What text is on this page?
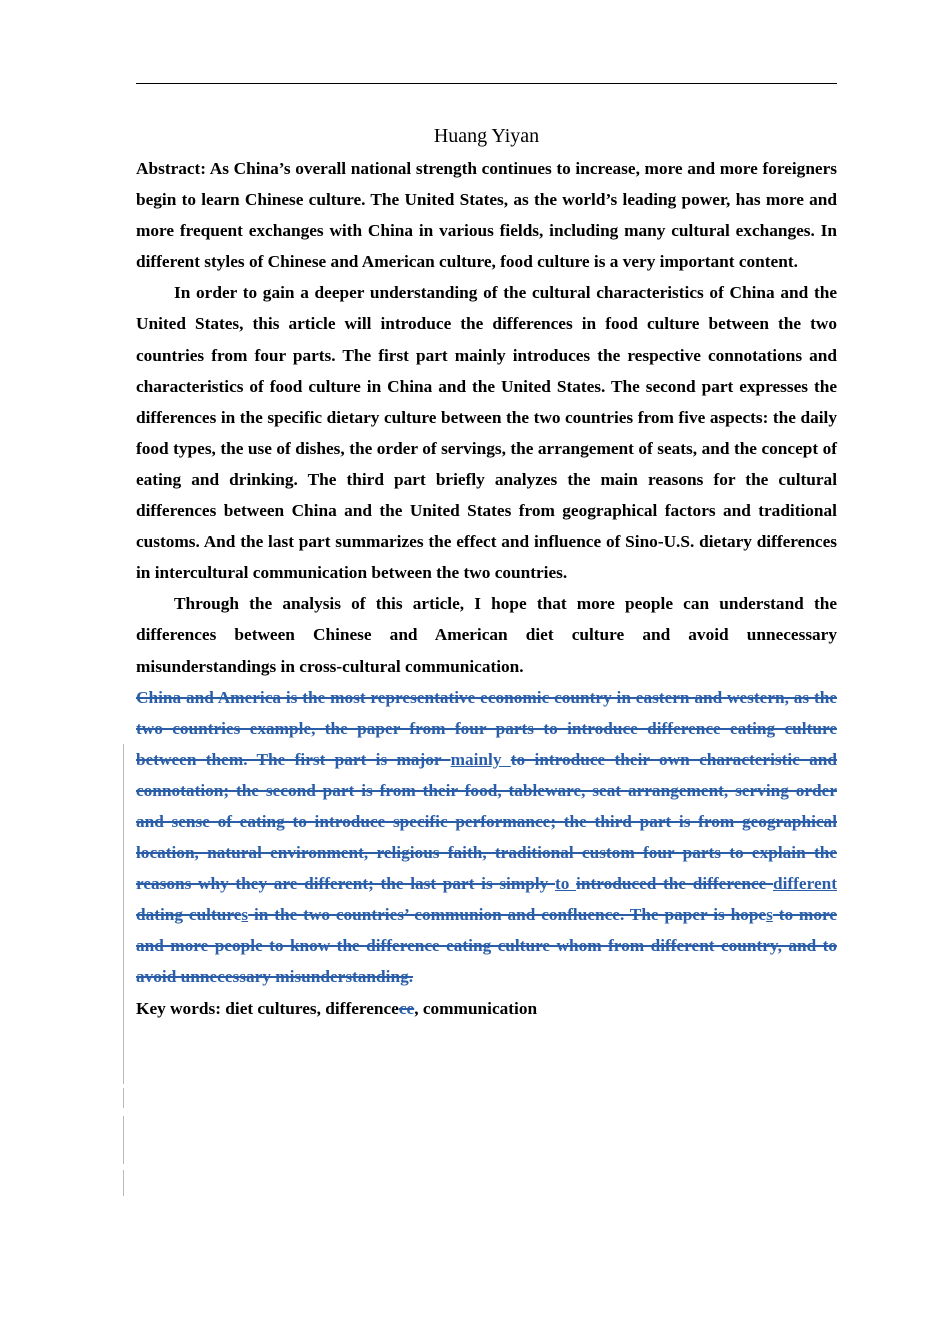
Huang Yiyan

Abstract: As China’s overall national strength continues to increase, more and more foreigners begin to learn Chinese culture. The United States, as the world’s leading power, has more and more frequent exchanges with China in various fields, including many cultural exchanges. In different styles of Chinese and American culture, food culture is a very important content.

In order to gain a deeper understanding of the cultural characteristics of China and the United States, this article will introduce the differences in food culture between the two countries from four parts. The first part mainly introduces the respective connotations and characteristics of food culture in China and the United States. The second part expresses the differences in the specific dietary culture between the two countries from five aspects: the daily food types, the use of dishes, the order of servings, the arrangement of seats, and the concept of eating and drinking. The third part briefly analyzes the main reasons for the cultural differences between China and the United States from geographical factors and traditional customs. And the last part summarizes the effect and influence of Sino-U.S. dietary differences in intercultural communication between the two countries.

Through the analysis of this article, I hope that more people can understand the differences between Chinese and American diet culture and avoid unnecessary misunderstandings in cross-cultural communication.

China and America is the most representative economic country in eastern and western, as the two countries example, the paper from four parts to introduce difference eating culture between them. The first part is major mainly to introduce their own characteristic and connotation; the second part is from their food, tableware, seat arrangement, serving order and sense of eating to introduce specific performance; the third part is from geographical location, natural environment, religious faith, traditional custom four parts to explain the reasons why they are different; the last part is simply to introduced the difference different dating cultures in the two countries’ communion and confluence. The paper is hopes to more and more people to know the difference eating culture whom from different country, and to avoid unnecessary misunderstanding.

Key words: diet cultures, differencece, communication
